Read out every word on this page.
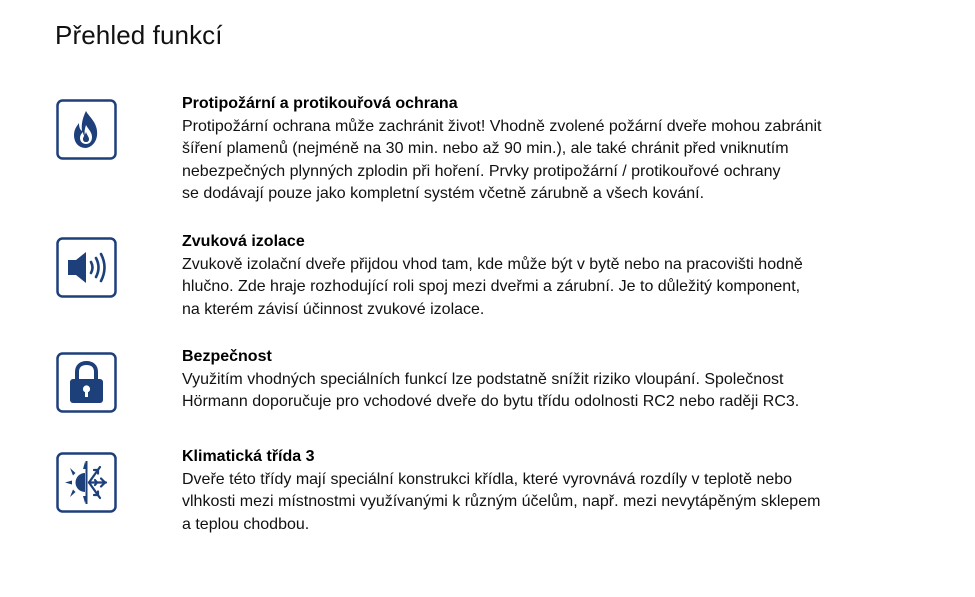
Přehled funkcí
Protipožární a protikouřová ochrana

Protipožární ochrana může zachránit život! Vhodně zvolené požární dveře mohou zabránit
šíření plamenů (nejméně na 30 min. nebo až 90 min.), ale také chránit před vniknutím
nebezpečných plynných zplodin při hoření. Prvky protipožární / protikouřové ochrany
se dodávají pouze jako kompletní systém včetně zárubně a všech kování.

Zvuková izolace

Zvukově izolační dveře přijdou vhod tam, kde může být v bytě nebo na pracovišti hodně
hlučno. Zde hraje rozhodující roli spoj mezi dveřmi a zárubní. Je to důležitý komponent,
na kterém závisí účinnost zvukové izolace.

Bezpečnost

Využitím vhodných speciálních funkcí lze podstatně snížit riziko vloupání. Společnost
Hörmann doporučuje pro vchodové dveře do bytu třídu odolnosti RC2 nebo raději RC3.

Klimatická třída 3

Dveře této třídy mají speciální konstrukci křídla, které vyrovnává rozdíly v teplotě nebo
vlhkosti mezi místnostmi využívanými k různým účelům, např. mezi nevytápěným sklepem
a teplou chodbou.
